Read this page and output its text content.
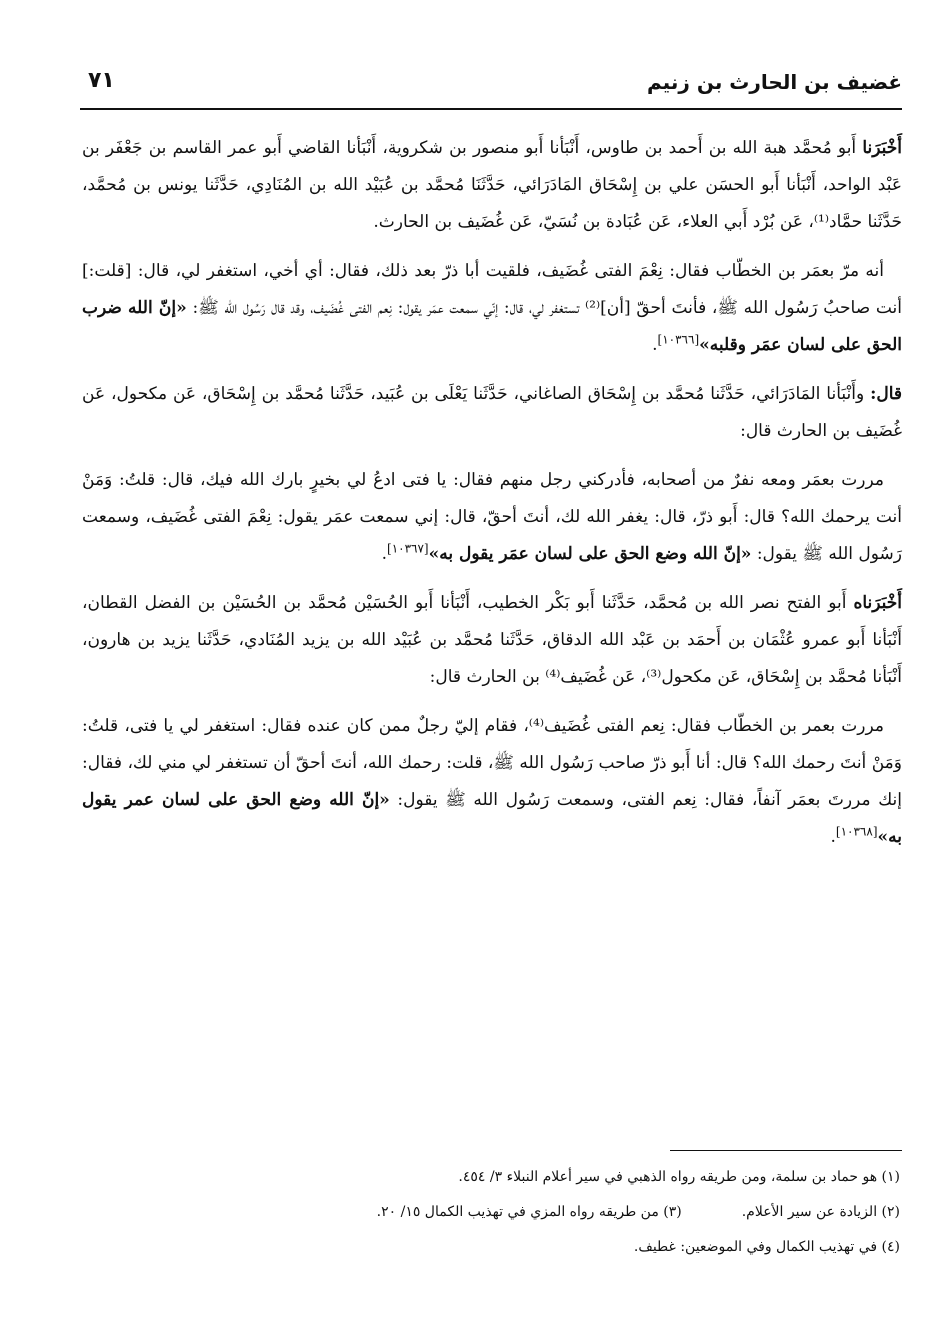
غضيف بن الحارث بن زنيم
٧١

أَخْبَرَنا أَبو مُحمَّد هبة الله بن أَحمد بن طاوس، أَنْبَأنا أَبو منصور بن شكروية، أَنْبَأنا القاضي أَبو عمر القاسم بن جَعْفَر بن عَبْد الواحد، أَنْبَأنا أَبو الحسَن علي بن إِسْحَاق المَادَرَائي، حَدَّثَنَا مُحمَّد بن عُبَيْد الله بن المُنَادِي، حَدَّثَنا يونس بن مُحمَّد، حَدَّثَنا حمَّاد⁽¹⁾، عَن بُرْد أَبي العلاء، عَن عُبَادة بن نُسَيّ، عَن غُضَيف بن الحارث.

أنه مرّ بعمَر بن الخطّاب فقال: نِعْمَ الفتى غُضَيف، فلقيت أبا ذرّ بعد ذلك، فقال: أي أخي، استغفر لي، قال: [قلت:] أنت صاحبُ رَسُول الله ﷺ، فأنتَ أحقّ [أن]⁽²⁾ تستغفر لي، قال: إنّي سمعت عمَر يقول: نِعم الفتى غُضَيف، وقد قال رَسُول الله ﷺ: «إنّ الله ضرب الحق على لسان عمَر وقلبه»[١٠٣٦٦].

قال: وأَنْبَأنا المَادَرَائي، حَدَّثَنا مُحمَّد بن إِسْحَاق الصاغاني، حَدَّثَنا يَعْلَى بن عُبَيد، حَدَّثَنا مُحمَّد بن إِسْحَاق، عَن مكحول، عَن غُضَيف بن الحارث قال:

مررت بعمَر ومعه نفرٌ من أصحابه، فأدركني رجل منهم فقال: يا فتى ادعُ لي بخيرٍ بارك الله فيك، قال: قلتُ: وَمَنْ أنت يرحمك الله؟ قال: أَبو ذرّ، قال: يغفر الله لك، أنتَ أحقّ، قال: إني سمعت عمَر يقول: نِعْمَ الفتى غُضَيف، وسمعت رَسُول الله ﷺ يقول: «إنّ الله وضع الحق على لسان عمَر يقول به»[١٠٣٦٧].

أَخْبَرَناه أَبو الفتح نصر الله بن مُحمَّد، حَدَّثَنا أَبو بَكْر الخطيب، أَنْبَأنا أَبو الحُسَيْن مُحمَّد بن الحُسَيْن بن الفضل القطان، أَنْبَأنا أَبو عمرو عُثْمَان بن أَحمَد بن عَبْد الله الدقاق، حَدَّثَنا مُحمَّد بن عُبَيْد الله بن يزيد المُنَادي، حَدَّثَنا يزيد بن هارون، أَنْبَأنا مُحمَّد بن إِسْحَاق، عَن مكحول⁽³⁾، عَن غُضَيف⁽⁴⁾ بن الحارث قال:

مررت بعمر بن الخطّاب فقال: نِعم الفتى غُضَيف⁽⁴⁾، فقام إليّ رجلٌ ممن كان عنده فقال: استغفر لي يا فتى، قلتُ: وَمَنْ أنتَ رحمك الله؟ قال: أنا أَبو ذرّ صاحب رَسُول الله ﷺ، قلت: رحمك الله، أنتَ أحقّ أن تستغفر لي مني لك، فقال: إنك مررتَ بعمَر آنفاً، فقال: نِعم الفتى، وسمعت رَسُول الله ﷺ يقول: «إنّ الله وضع الحق على لسان عمر يقول به»[١٠٣٦٨].

(١) هو حماد بن سلمة، ومن طريقه رواه الذهبي في سير أعلام النبلاء ٣/ ٤٥٤.
(٢) الزيادة عن سير الأعلام.
(٣) من طريقه رواه المزي في تهذيب الكمال ١٥/ ٢٠.
(٤) في تهذيب الكمال وفي الموضعين: غطيف.
